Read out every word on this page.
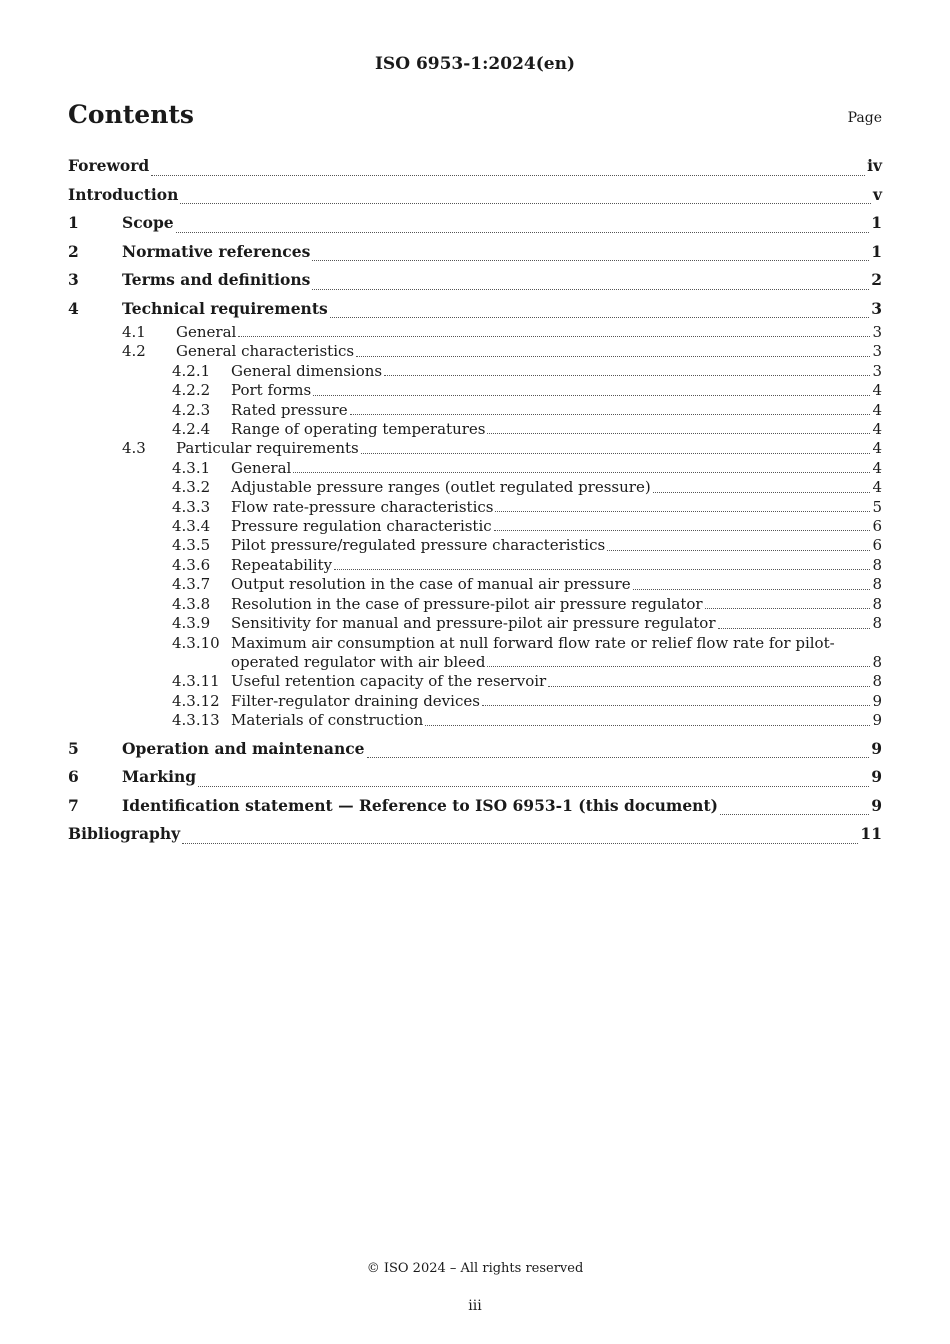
ISO 6953-1:2024(en)
Contents	Page
Foreword	iv
Introduction	v
1	Scope	1
2	Normative references	1
3	Terms and definitions	2
4	Technical requirements	3
4.1	General	3
4.2	General characteristics	3
4.2.1	General dimensions	3
4.2.2	Port forms	4
4.2.3	Rated pressure	4
4.2.4	Range of operating temperatures	4
4.3	Particular requirements	4
4.3.1	General	4
4.3.2	Adjustable pressure ranges (outlet regulated pressure)	4
4.3.3	Flow rate-pressure characteristics	5
4.3.4	Pressure regulation characteristic	6
4.3.5	Pilot pressure/regulated pressure characteristics	6
4.3.6	Repeatability	8
4.3.7	Output resolution in the case of manual air pressure	8
4.3.8	Resolution in the case of pressure-pilot air pressure regulator	8
4.3.9	Sensitivity for manual and pressure-pilot air pressure regulator	8
4.3.10 Maximum air consumption at null forward flow rate or relief flow rate for pilot-
operated regulator with air bleed	8
4.3.11 Useful retention capacity of the reservoir	8
4.3.12 Filter-regulator draining devices	9
4.3.13 Materials of construction	9
5	Operation and maintenance	9
6	Marking	9
7	Identification statement — Reference to ISO 6953-1 (this document)	9
Bibliography	11
© ISO 2024 – All rights reserved
iii
